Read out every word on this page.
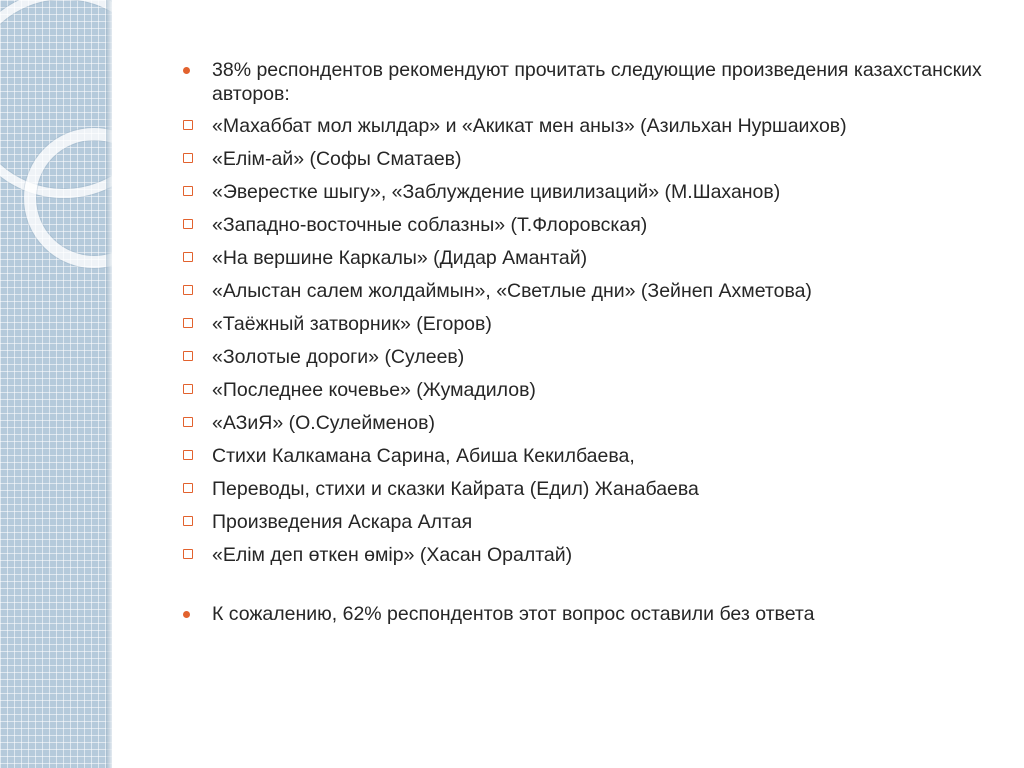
38% респондентов рекомендуют прочитать следующие произведения казахстанских авторов:
«Махаббат мол жылдар» и «Акикат мен аныз» (Азильхан Нуршаихов)
«Елім-ай» (Софы Сматаев)
«Эверестке шыгу», «Заблуждение цивилизаций» (М.Шаханов)
«Западно-восточные соблазны» (Т.Флоровская)
«На вершине Каркалы» (Дидар Амантай)
«Алыстан салем жолдаймын», «Светлые дни» (Зейнеп Ахметова)
«Таёжный затворник» (Егоров)
«Золотые дороги» (Сулеев)
«Последнее кочевье» (Жумадилов)
«АЗиЯ» (О.Сулейменов)
Стихи Калкамана Сарина, Абиша Кекилбаева,
Переводы, стихи и сказки Кайрата (Едил) Жанабаева
Произведения Аскара Алтая
«Елім деп өткен өмір» (Хасан Оралтай)
К сожалению, 62% респондентов этот вопрос оставили без ответа
